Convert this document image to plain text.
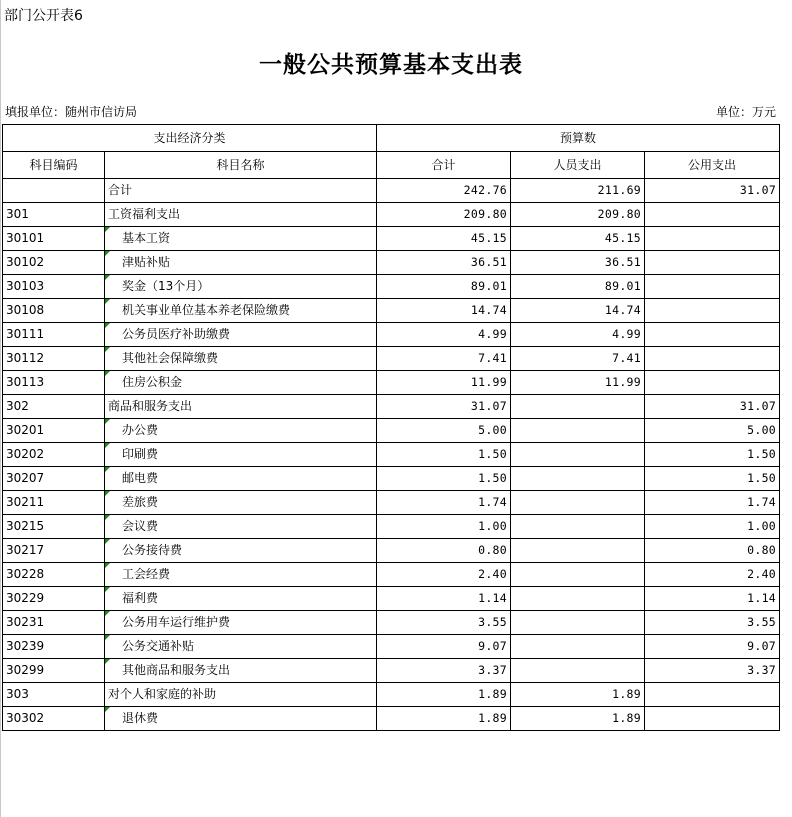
部门公开表6
一般公共预算基本支出表
填报单位：随州市信访局	单位：万元
支出经济分类		预算数		
科目编码	科目名称	合计	人员支出	公用支出
	合计	242.76	211.69	31.07
301	工资福利支出	209.80	209.80	
30101	基本工资	45.15	45.15	
30102	津贴补贴	36.51	36.51	
30103	奖金（13个月）	89.01	89.01	
30108	机关事业单位基本养老保险缴费	14.74	14.74	
30111	公务员医疗补助缴费	4.99	4.99	
30112	其他社会保障缴费	7.41	7.41	
30113	住房公积金	11.99	11.99	
302	商品和服务支出	31.07		31.07
30201	办公费	5.00		5.00
30202	印刷费	1.50		1.50
30207	邮电费	1.50		1.50
30211	差旅费	1.74		1.74
30215	会议费	1.00		1.00
30217	公务接待费	0.80		0.80
30228	工会经费	2.40		2.40
30229	福利费	1.14		1.14
30231	公务用车运行维护费	3.55		3.55
30239	公务交通补贴	9.07		9.07
30299	其他商品和服务支出	3.37		3.37
303	对个人和家庭的补助	1.89	1.89	
30302	退休费	1.89	1.89	
